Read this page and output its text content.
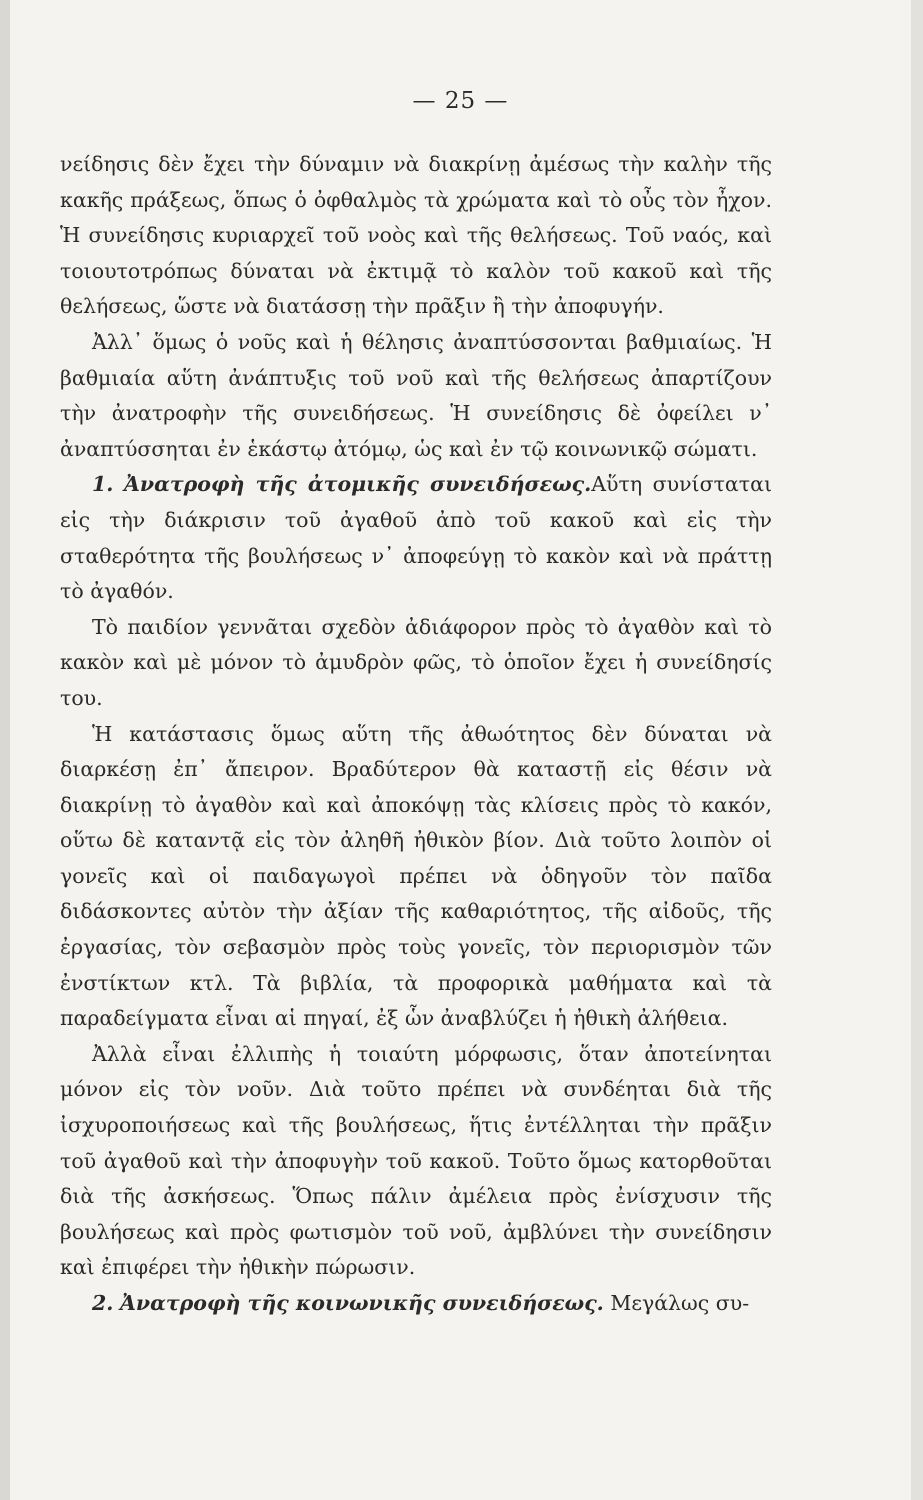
— 25 —

νείδησις δὲν ἔχει τὴν δύναμιν νὰ διακρίνῃ ἀμέσως τὴν καλὴν τῆς κακῆς πράξεως, ὅπως ὁ ὀφθαλμὸς τὰ χρώματα καὶ τὸ οὖς τὸν ἦχον. Ἡ συνείδησις κυριαρχεῖ τοῦ νοὸς καὶ τῆς θελήσεως. Τοῦ ναός, καὶ τοιουτοτρόπως δύναται νὰ ἐκτιμᾷ τὸ καλὸν τοῦ κακοῦ καὶ τῆς θελήσεως, ὥστε νὰ διατάσσῃ τὴν πρᾶξιν ἢ τὴν ἀποφυγήν.

Ἀλλ᾽ ὅμως ὁ νοῦς καὶ ἡ θέλησις ἀναπτύσσονται βαθμιαίως. Ἡ βαθμιαία αὕτη ἀνάπτυξις τοῦ νοῦ καὶ τῆς θελήσεως ἀπαρτίζουν τὴν ἀνατροφὴν τῆς συνειδήσεως. Ἡ συνείδησις δὲ ὀφείλει ν᾽ ἀναπτύσσηται ἐν ἑκάστῳ ἀτόμῳ, ὡς καὶ ἐν τῷ κοινωνικῷ σώματι.

1. Ἀνατροφὴ τῆς ἀτομικῆς συνειδήσεως.Αὕτη συνίσταται εἰς τὴν διάκρισιν τοῦ ἀγαθοῦ ἀπὸ τοῦ κακοῦ καὶ εἰς τὴν σταθερότητα τῆς βουλήσεως ν᾽ ἀποφεύγῃ τὸ κακὸν καὶ νὰ πράττῃ τὸ ἀγαθόν.

Τὸ παιδίον γεννᾶται σχεδὸν ἀδιάφορον πρὸς τὸ ἀγαθὸν καὶ τὸ κακὸν καὶ μὲ μόνον τὸ ἀμυδρὸν φῶς, τὸ ὁποῖον ἔχει ἡ συνείδησίς του.

Ἡ κατάστασις ὅμως αὕτη τῆς ἀθωότητος δὲν δύναται νὰ διαρκέσῃ ἐπ᾽ ἄπειρον. Βραδύτερον θὰ καταστῇ εἰς θέσιν νὰ διακρίνῃ τὸ ἀγαθὸν καὶ καὶ ἀποκόψῃ τὰς κλίσεις πρὸς τὸ κακόν, οὕτω δὲ καταντᾷ εἰς τὸν ἀληθῆ ἠθικὸν βίον. Διὰ τοῦτο λοιπὸν οἱ γονεῖς καὶ οἱ παιδαγωγοὶ πρέπει νὰ ὁδηγοῦν τὸν παῖδα διδάσκοντες αὐτὸν τὴν ἀξίαν τῆς καθαριότητος, τῆς αἰδοῦς, τῆς ἐργασίας, τὸν σεβασμὸν πρὸς τοὺς γονεῖς, τὸν περιορισμὸν τῶν ἐνστίκτων κτλ. Τὰ βιβλία, τὰ προφορικὰ μαθήματα καὶ τὰ παραδείγματα εἶναι αἱ πηγαί, ἐξ ὧν ἀναβλύζει ἡ ἠθικὴ ἀλήθεια.

Ἀλλὰ εἶναι ἐλλιπὴς ἡ τοιαύτη μόρφωσις, ὅταν ἀποτείνηται μόνον εἰς τὸν νοῦν. Διὰ τοῦτο πρέπει νὰ συνδέηται διὰ τῆς ἰσχυροποιήσεως καὶ τῆς βουλήσεως, ἥτις ἐντέλληται τὴν πρᾶξιν τοῦ ἀγαθοῦ καὶ τὴν ἀποφυγὴν τοῦ κακοῦ. Τοῦτο ὅμως κατορθοῦται διὰ τῆς ἀσκήσεως. Ὅπως πάλιν ἀμέλεια πρὸς ἐνίσχυσιν τῆς βουλήσεως καὶ πρὸς φωτισμὸν τοῦ νοῦ, ἀμβλύνει τὴν συνείδησιν καὶ ἐπιφέρει τὴν ἠθικὴν πώρωσιν.

2. Ἀνατροφὴ τῆς κοινωνικῆς συνειδήσεως. Μεγάλως συ-
